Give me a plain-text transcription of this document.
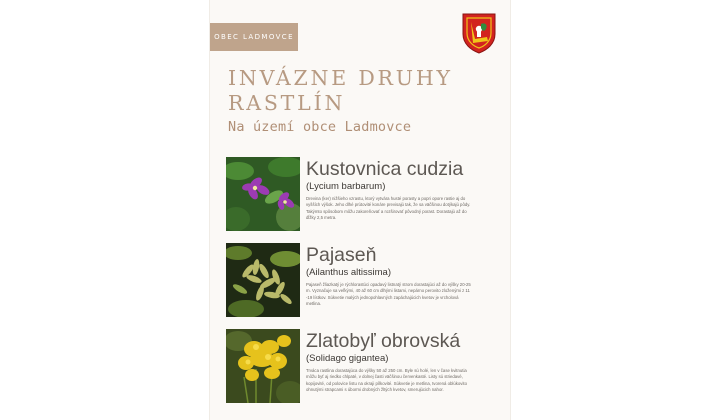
OBEC LADMOVCE
INVÁZNE DRUHY
RASTLÍN
Na území obce Ladmovce
Kustovnica cudzia
(Lycium barbarum)
Drevina (ker) nižšieho vzrastu, ktorý vytvára husté porasty a popri opore rastie aj do vyšších výšok. Jeho dlhé prútovité konáre previsajú tak, že sa väčšinou dotýkajú pôdy. Takýmto spôsobom môžu zakoreňovať a rozširovať pôvodný porast. Dorastajú až do dĺžky 2,5 metra.
Pajaseň
(Ailanthus altissima)
Pajaseň žliazkatý je rýchlorastúci opadavý listnatý strom dorastajúci až do výšky 20-25 m. Vyznačuje sa veľkými, 40 až 60 cm dlhými listami, nepárno perovito zloženými z 11 -19 lístkov. Súkvetie malých jednopohlavných zapáchajúcich kvetov je vrcholová metlina.
Zlatobyľ obrovská
(Solidago gigantea)
Trváca rastlina dorastajúca do výšky 50 až 250 cm. Byle sú holé, len v čase kvitnutia môžu byť aj riedko chlpaté, v dolnej časti väčšinou červenkasté. Listy sú striedavé, kopijovité, od polovice listu na okraji pílkovité. Súkvetie je metlina, tvorená oblúkovito ohnutými strapcami s úbormi drobných žltých kvetov, smerujúcich nahor.
